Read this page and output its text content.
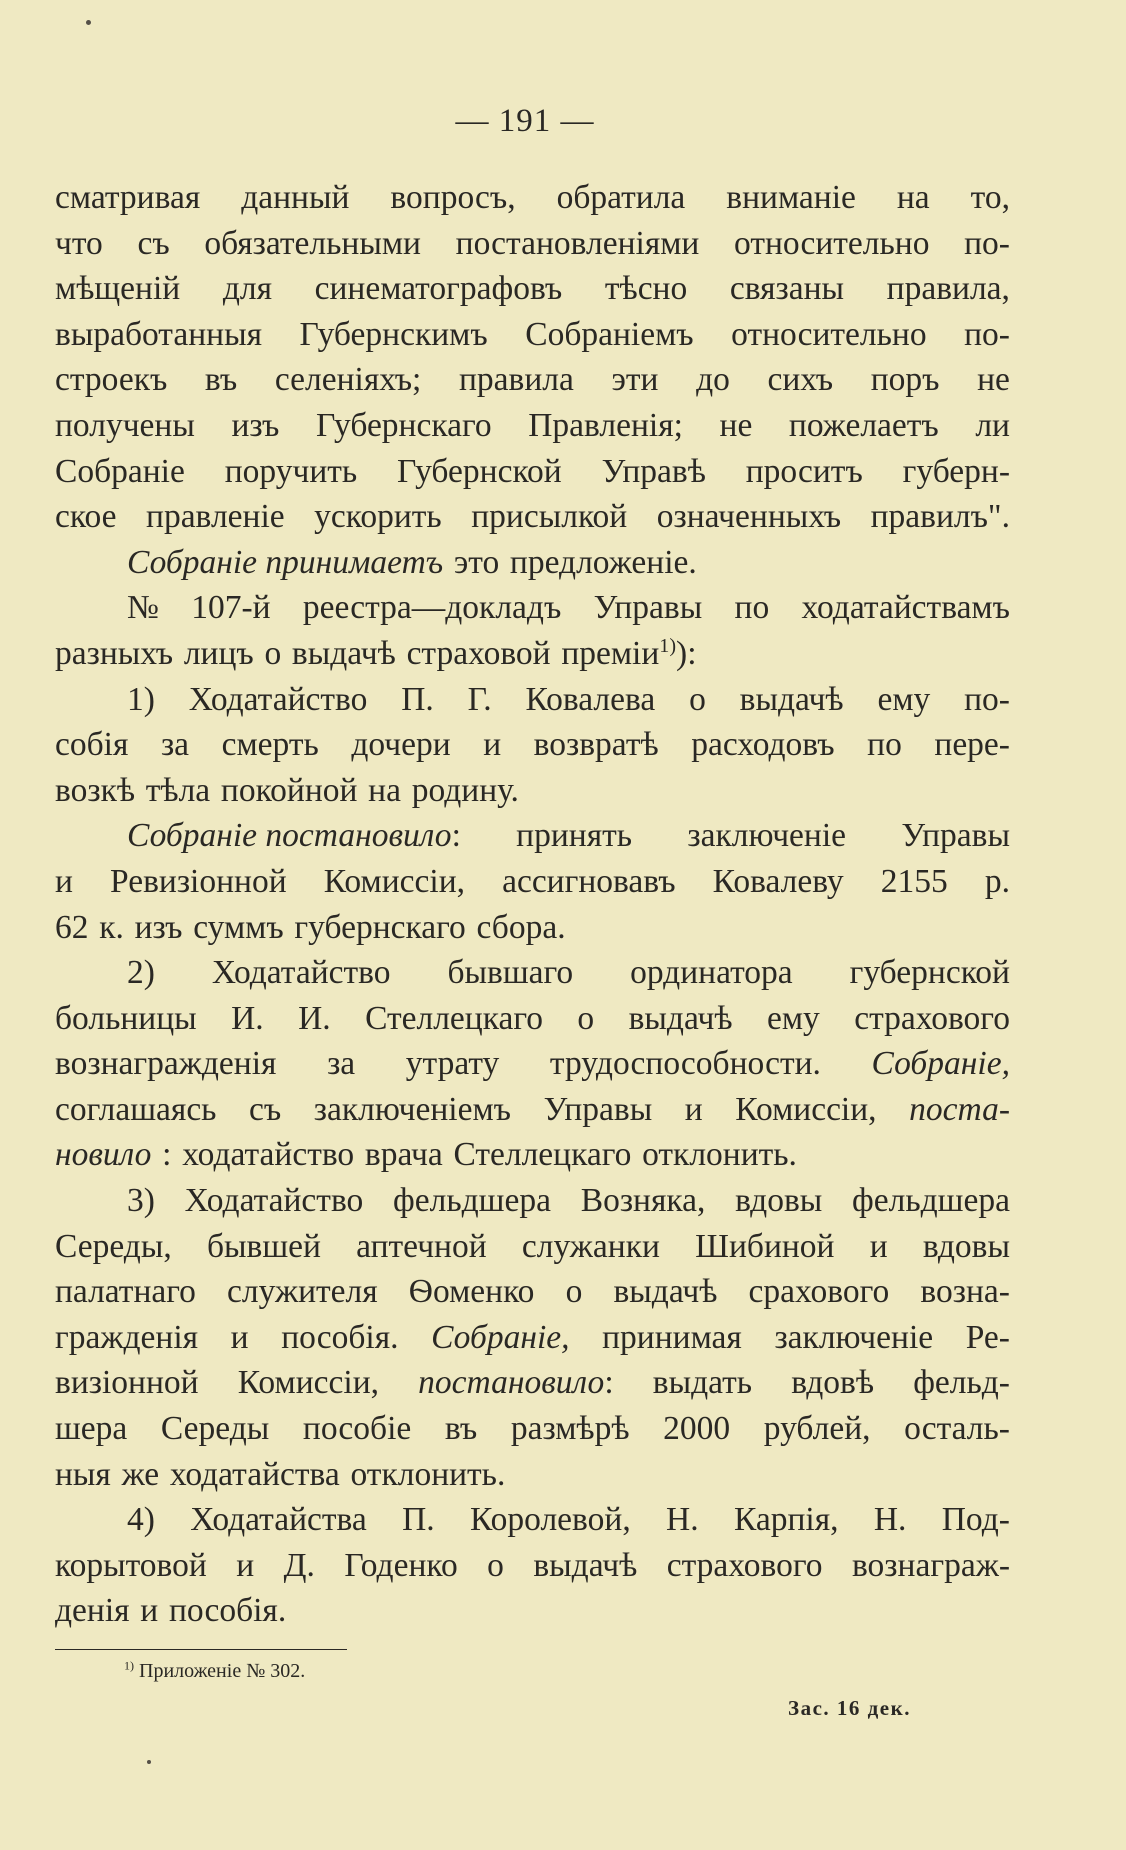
— 191 —
сматривая данный вопросъ, обратила вниманіе на то,
что съ обязательными постановленіями относительно по-
мѣщеній для синематографовъ тѣсно связаны правила,
выработанныя Губернскимъ Собраніемъ относительно по-
строекъ въ селеніяхъ; правила эти до сихъ поръ не
получены изъ Губернскаго Правленія; не пожелаетъ ли
Собраніе поручить Губернской Управѣ проситъ губерн-
ское правленіе ускорить присылкой означенныхъ правилъ".
Собраніе принимаетъ это предложеніе.
№ 107-й реестра—докладъ Управы по ходатайствамъ
разныхъ лицъ о выдачѣ страховой преміи$^{1)}$):
1) Ходатайство П. Г. Ковалева о выдачѣ ему по-
собія за смерть дочери и возвратѣ расходовъ по пере-
возкѣ тѣла покойной на родину.
Собраніе постановило: принять заключеніе Управы
и Ревизіонной Комиссіи, ассигновавъ Ковалеву 2155 р.
62 к. изъ суммъ губернскаго сбора.
2) Ходатайство бывшаго ординатора губернской
больницы И. И. Стеллецкаго о выдачѣ ему страхового
вознагражденія за утрату трудоспособности. Собраніе,
соглашаясь съ заключеніемъ Управы и Комиссіи, поста-
новило : ходатайство врача Стеллецкаго отклонить.
3) Ходатайство фельдшера Возняка, вдовы фельдшера
Середы, бывшей аптечной служанки Шибиной и вдовы
палатнаго служителя Ѳоменко о выдачѣ срахового возна-
гражденія и пособія. Собраніе, принимая заключеніе Ре-
визіонной Комиссіи, постановило: выдать вдовѣ фельд-
шера Середы пособіе въ размѣрѣ 2000 рублей, осталь-
ныя же ходатайства отклонить.
4) Ходатайства П. Королевой, Н. Карпія, Н. Под-
корытовой и Д. Годенко о выдачѣ страхового вознаграж-
денія и пособія.
$^{1)}$ Приложеніе № 302.
Зас. 16 дек.
